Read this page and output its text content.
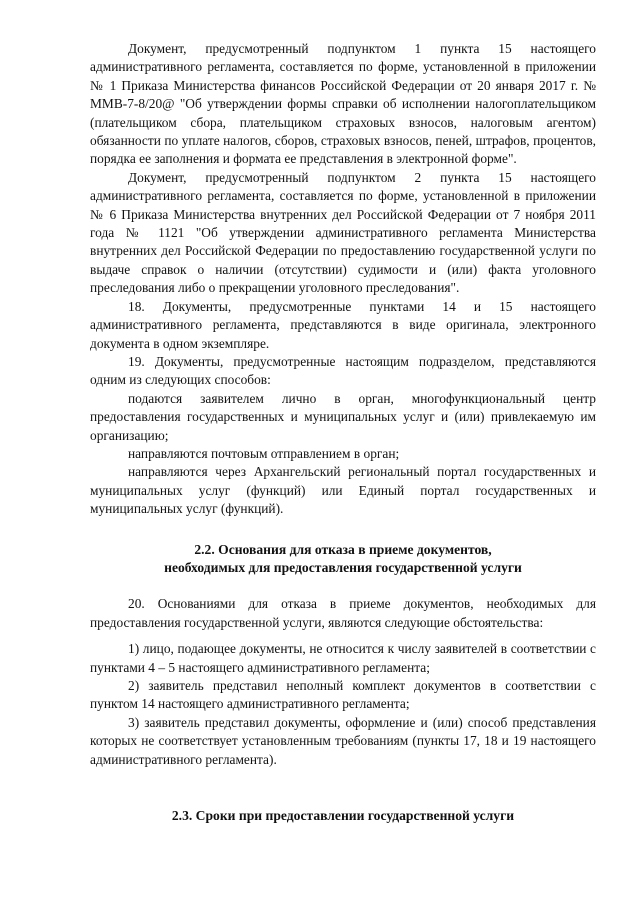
Документ, предусмотренный подпунктом 1 пункта 15 настоящего административного регламента, составляется по форме, установленной в приложении № 1 Приказа Министерства финансов Российской Федерации от 20 января 2017 г. № ММВ-7-8/20@ "Об утверждении формы справки об исполнении налогоплательщиком (плательщиком сбора, плательщиком страховых взносов, налоговым агентом) обязанности по уплате налогов, сборов, страховых взносов, пеней, штрафов, процентов, порядка ее заполнения и формата ее представления в электронной форме".

Документ, предусмотренный подпунктом 2 пункта 15 настоящего административного регламента, составляется по форме, установленной в приложении № 6 Приказа Министерства внутренних дел Российской Федерации от 7 ноября 2011 года № 1121 "Об утверждении административного регламента Министерства внутренних дел Российской Федерации по предоставлению государственной услуги по выдаче справок о наличии (отсутствии) судимости и (или) факта уголовного преследования либо о прекращении уголовного преследования".

18. Документы, предусмотренные пунктами 14 и 15 настоящего административного регламента, представляются в виде оригинала, электронного документа в одном экземпляре.

19. Документы, предусмотренные настоящим подразделом, представляются одним из следующих способов:

подаются заявителем лично в орган, многофункциональный центр предоставления государственных и муниципальных услуг и (или) привлекаемую им организацию;

направляются почтовым отправлением в орган;

направляются через Архангельский региональный портал государственных и муниципальных услуг (функций) или Единый портал государственных и муниципальных услуг (функций).

2.2. Основания для отказа в приеме документов,

необходимых для предоставления государственной услуги

20. Основаниями для отказа в приеме документов, необходимых для предоставления государственной услуги, являются следующие обстоятельства:

1) лицо, подающее документы, не относится к числу заявителей в соответствии с пунктами 4 – 5 настоящего административного регламента;

2) заявитель представил неполный комплект документов в соответствии с пунктом 14 настоящего административного регламента;

3) заявитель представил документы, оформление и (или) способ представления которых не соответствует установленным требованиям (пункты 17, 18 и 19 настоящего административного регламента).

2.3. Сроки при предоставлении государственной услуги
